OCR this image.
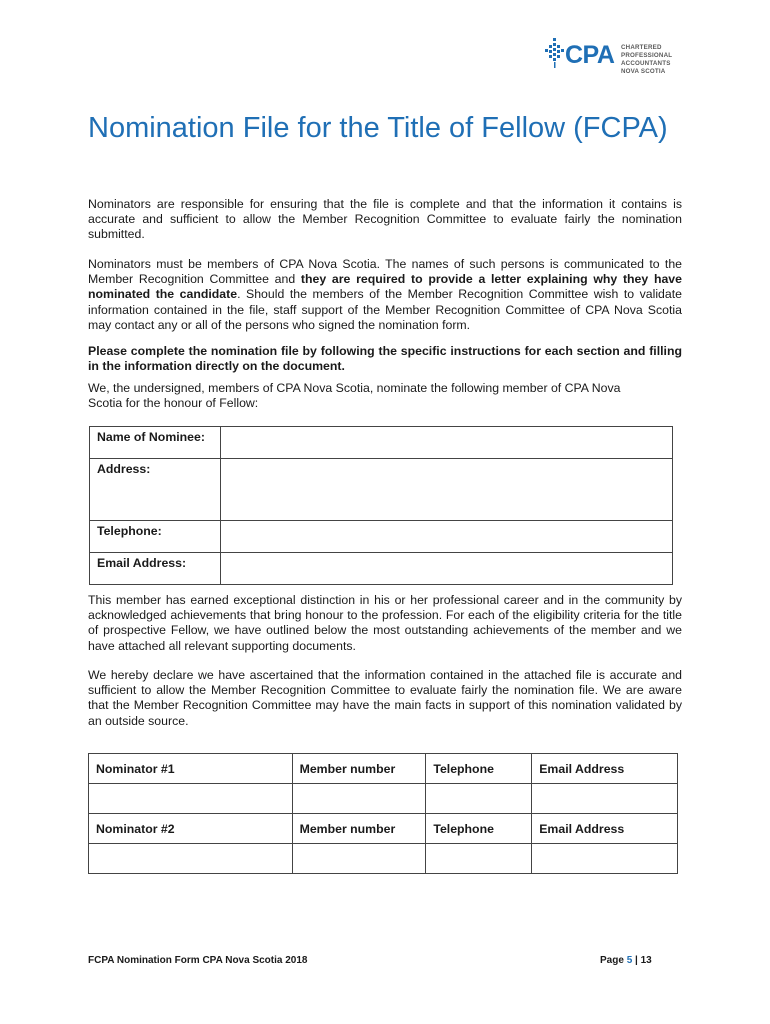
CPA CHARTERED
PROFESSIONAL
ACCOUNTANTS
NOVA SCOTIA
Nomination File for the Title of Fellow (FCPA)

Nominators are responsible for ensuring that the file is complete and that the information it contains is accurate and sufficient to allow the Member Recognition Committee to evaluate fairly the nomination submitted.

Nominators must be members of CPA Nova Scotia. The names of such persons is communicated to the Member Recognition Committee and they are required to provide a letter explaining why they have nominated the candidate. Should the members of the Member Recognition Committee wish to validate information contained in the file, staff support of the Member Recognition Committee of CPA Nova Scotia may contact any or all of the persons who signed the nomination form.

Please complete the nomination file by following the specific instructions for each section and filling in the information directly on the document.

We, the undersigned, members of CPA Nova Scotia, nominate the following member of CPA Nova Scotia for the honour of Fellow:

Name of Nominee:	
Address:	
Telephone:	
Email Address:	

This member has earned exceptional distinction in his or her professional career and in the community by acknowledged achievements that bring honour to the profession. For each of the eligibility criteria for the title of prospective Fellow, we have outlined below the most outstanding achievements of the member and we have attached all relevant supporting documents.

We hereby declare we have ascertained that the information contained in the attached file is accurate and sufficient to allow the Member Recognition Committee to evaluate fairly the nomination file. We are aware that the Member Recognition Committee may have the main facts in support of this nomination validated by an outside source.

Nominator #1	Member number	Telephone	Email Address

Nominator #2	Member number	Telephone	Email Address

FCPA Nomination Form CPA Nova Scotia 2018	Page 5 | 13
